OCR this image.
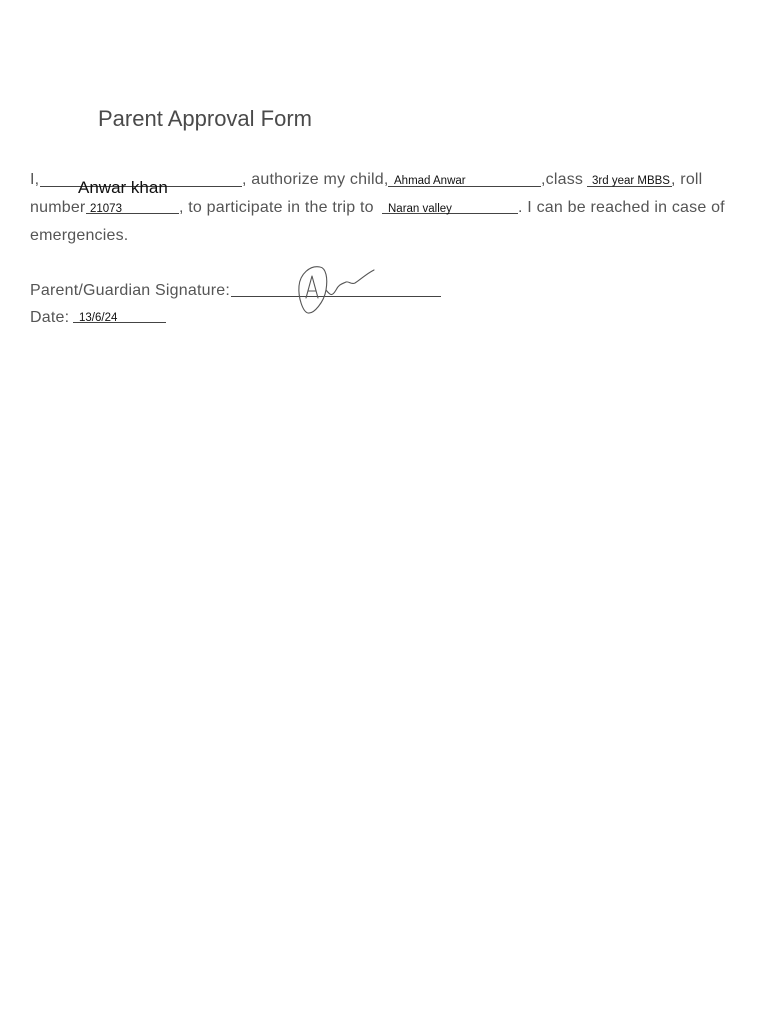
Parent Approval Form
I, Anwar khan	, authorize my child, Ahmad Anwar	,class 3rd year MBBS , roll
number 21073	, to participate in the trip to Naran valley	. I can be reached in case of
emergencies.
Parent/Guardian Signature:
Date: 13/6/24
